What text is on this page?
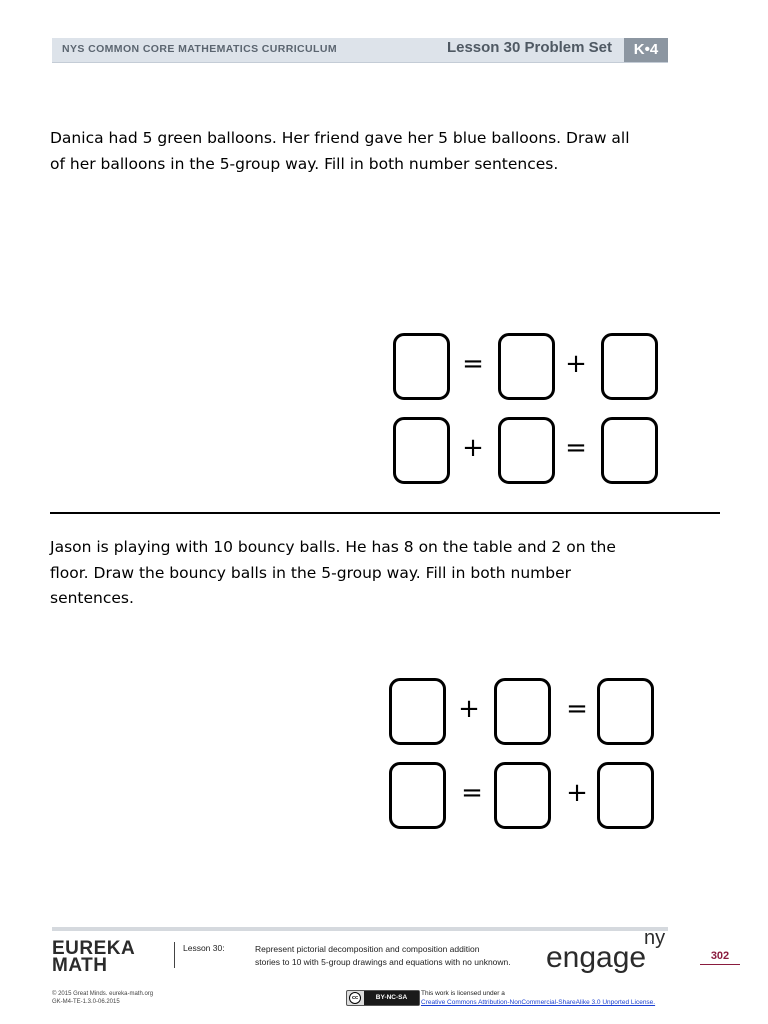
NYS COMMON CORE MATHEMATICS CURRICULUM	Lesson 30 Problem Set	K•4
Danica had 5 green balloons. Her friend gave her 5 blue balloons. Draw all
of her balloons in the 5-group way. Fill in both number sentences.
=	+
+	=
Jason is playing with 10 bouncy balls. He has 8 on the table and 2 on the
floor. Draw the bouncy balls in the 5-group way. Fill in both number
sentences.
+	=
=	+
EUREKA
MATH
Lesson 30:	Represent pictorial decomposition and composition addition
stories to 10 with 5-group drawings and equations with no unknown.	engage
ny
302
© 2015 Great Minds. eureka-math.org
GK-M4-TE-1.3.0-06.2015
cc	BY-NC-SA
This work is licensed under a
Creative Commons Attribution-NonCommercial-ShareAlike 3.0 Unported License.
